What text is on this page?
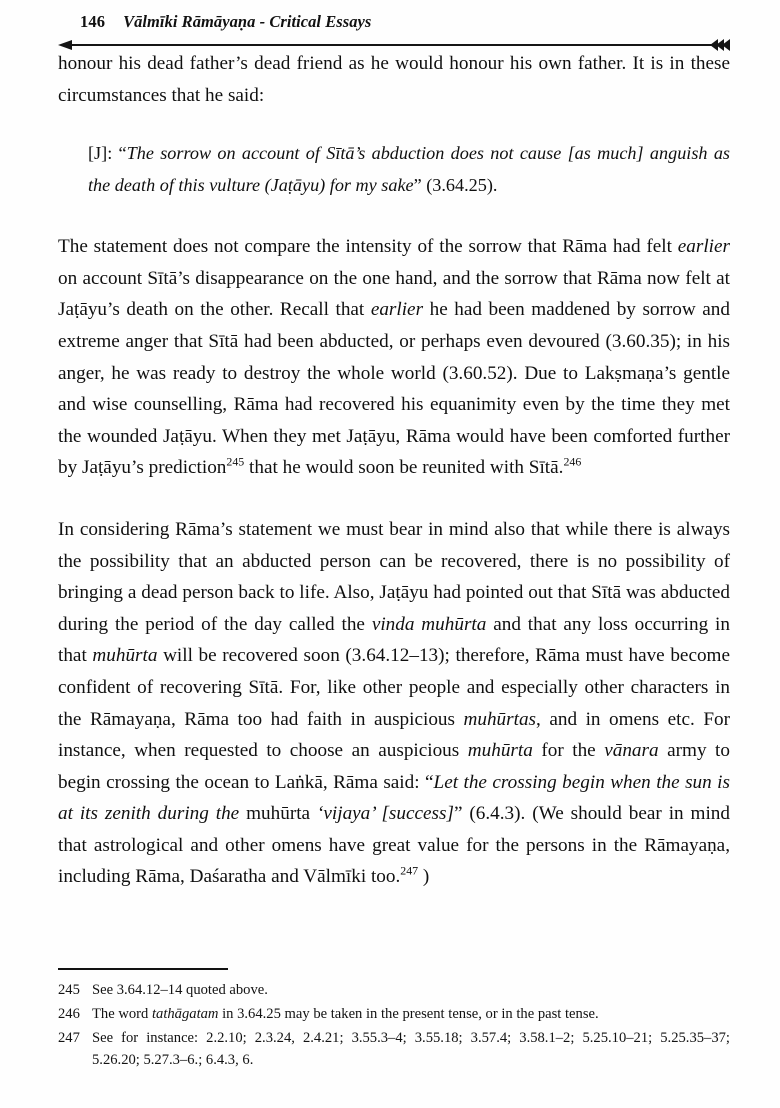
146 Vālmīki Rāmāyaṇa - Critical Essays

honour his dead father’s dead friend as he would honour his own father. It is in these circumstances that he said:

[J]: “The sorrow on account of Sītā’s abduction does not cause [as much] anguish as the death of this vulture (Jaṭāyu) for my sake” (3.64.25).

The statement does not compare the intensity of the sorrow that Rāma had felt earlier on account Sītā’s disappearance on the one hand, and the sorrow that Rāma now felt at Jaṭāyu’s death on the other. Recall that earlier he had been maddened by sorrow and extreme anger that Sītā had been abducted, or perhaps even devoured (3.60.35); in his anger, he was ready to destroy the whole world (3.60.52). Due to Lakṣmaṇa’s gentle and wise counselling, Rāma had recovered his equanimity even by the time they met the wounded Jaṭāyu. When they met Jaṭāyu, Rāma would have been comforted further by Jaṭāyu’s prediction$^{245}$ that he would soon be reunited with Sītā.$^{246}$

In considering Rāma’s statement we must bear in mind also that while there is always the possibility that an abducted person can be recovered, there is no possibility of bringing a dead person back to life. Also, Jaṭāyu had pointed out that Sītā was abducted during the period of the day called the vinda muhūrta and that any loss occurring in that muhūrta will be recovered soon (3.64.12–13); therefore, Rāma must have become confident of recovering Sītā. For, like other people and especially other characters in the Rāmayaṇa, Rāma too had faith in auspicious muhūrtas, and in omens etc. For instance, when requested to choose an auspicious muhūrta for the vānara army to begin crossing the ocean to Laṅkā, Rāma said: “Let the crossing begin when the sun is at its zenith during the muhūrta ‘vijaya’ [success]” (6.4.3). (We should bear in mind that astrological and other omens have great value for the persons in the Rāmayaṇa, including Rāma, Daśaratha and Vālmīki too.$^{247}$ )

245 See 3.64.12–14 quoted above.
246 The word tathāgatam in 3.64.25 may be taken in the present tense, or in the past tense.
247 See for instance: 2.2.10; 2.3.24, 2.4.21; 3.55.3–4; 3.55.18; 3.57.4; 3.58.1–2; 5.25.10–21; 5.25.35–37; 5.26.20; 5.27.3–6.; 6.4.3, 6.
